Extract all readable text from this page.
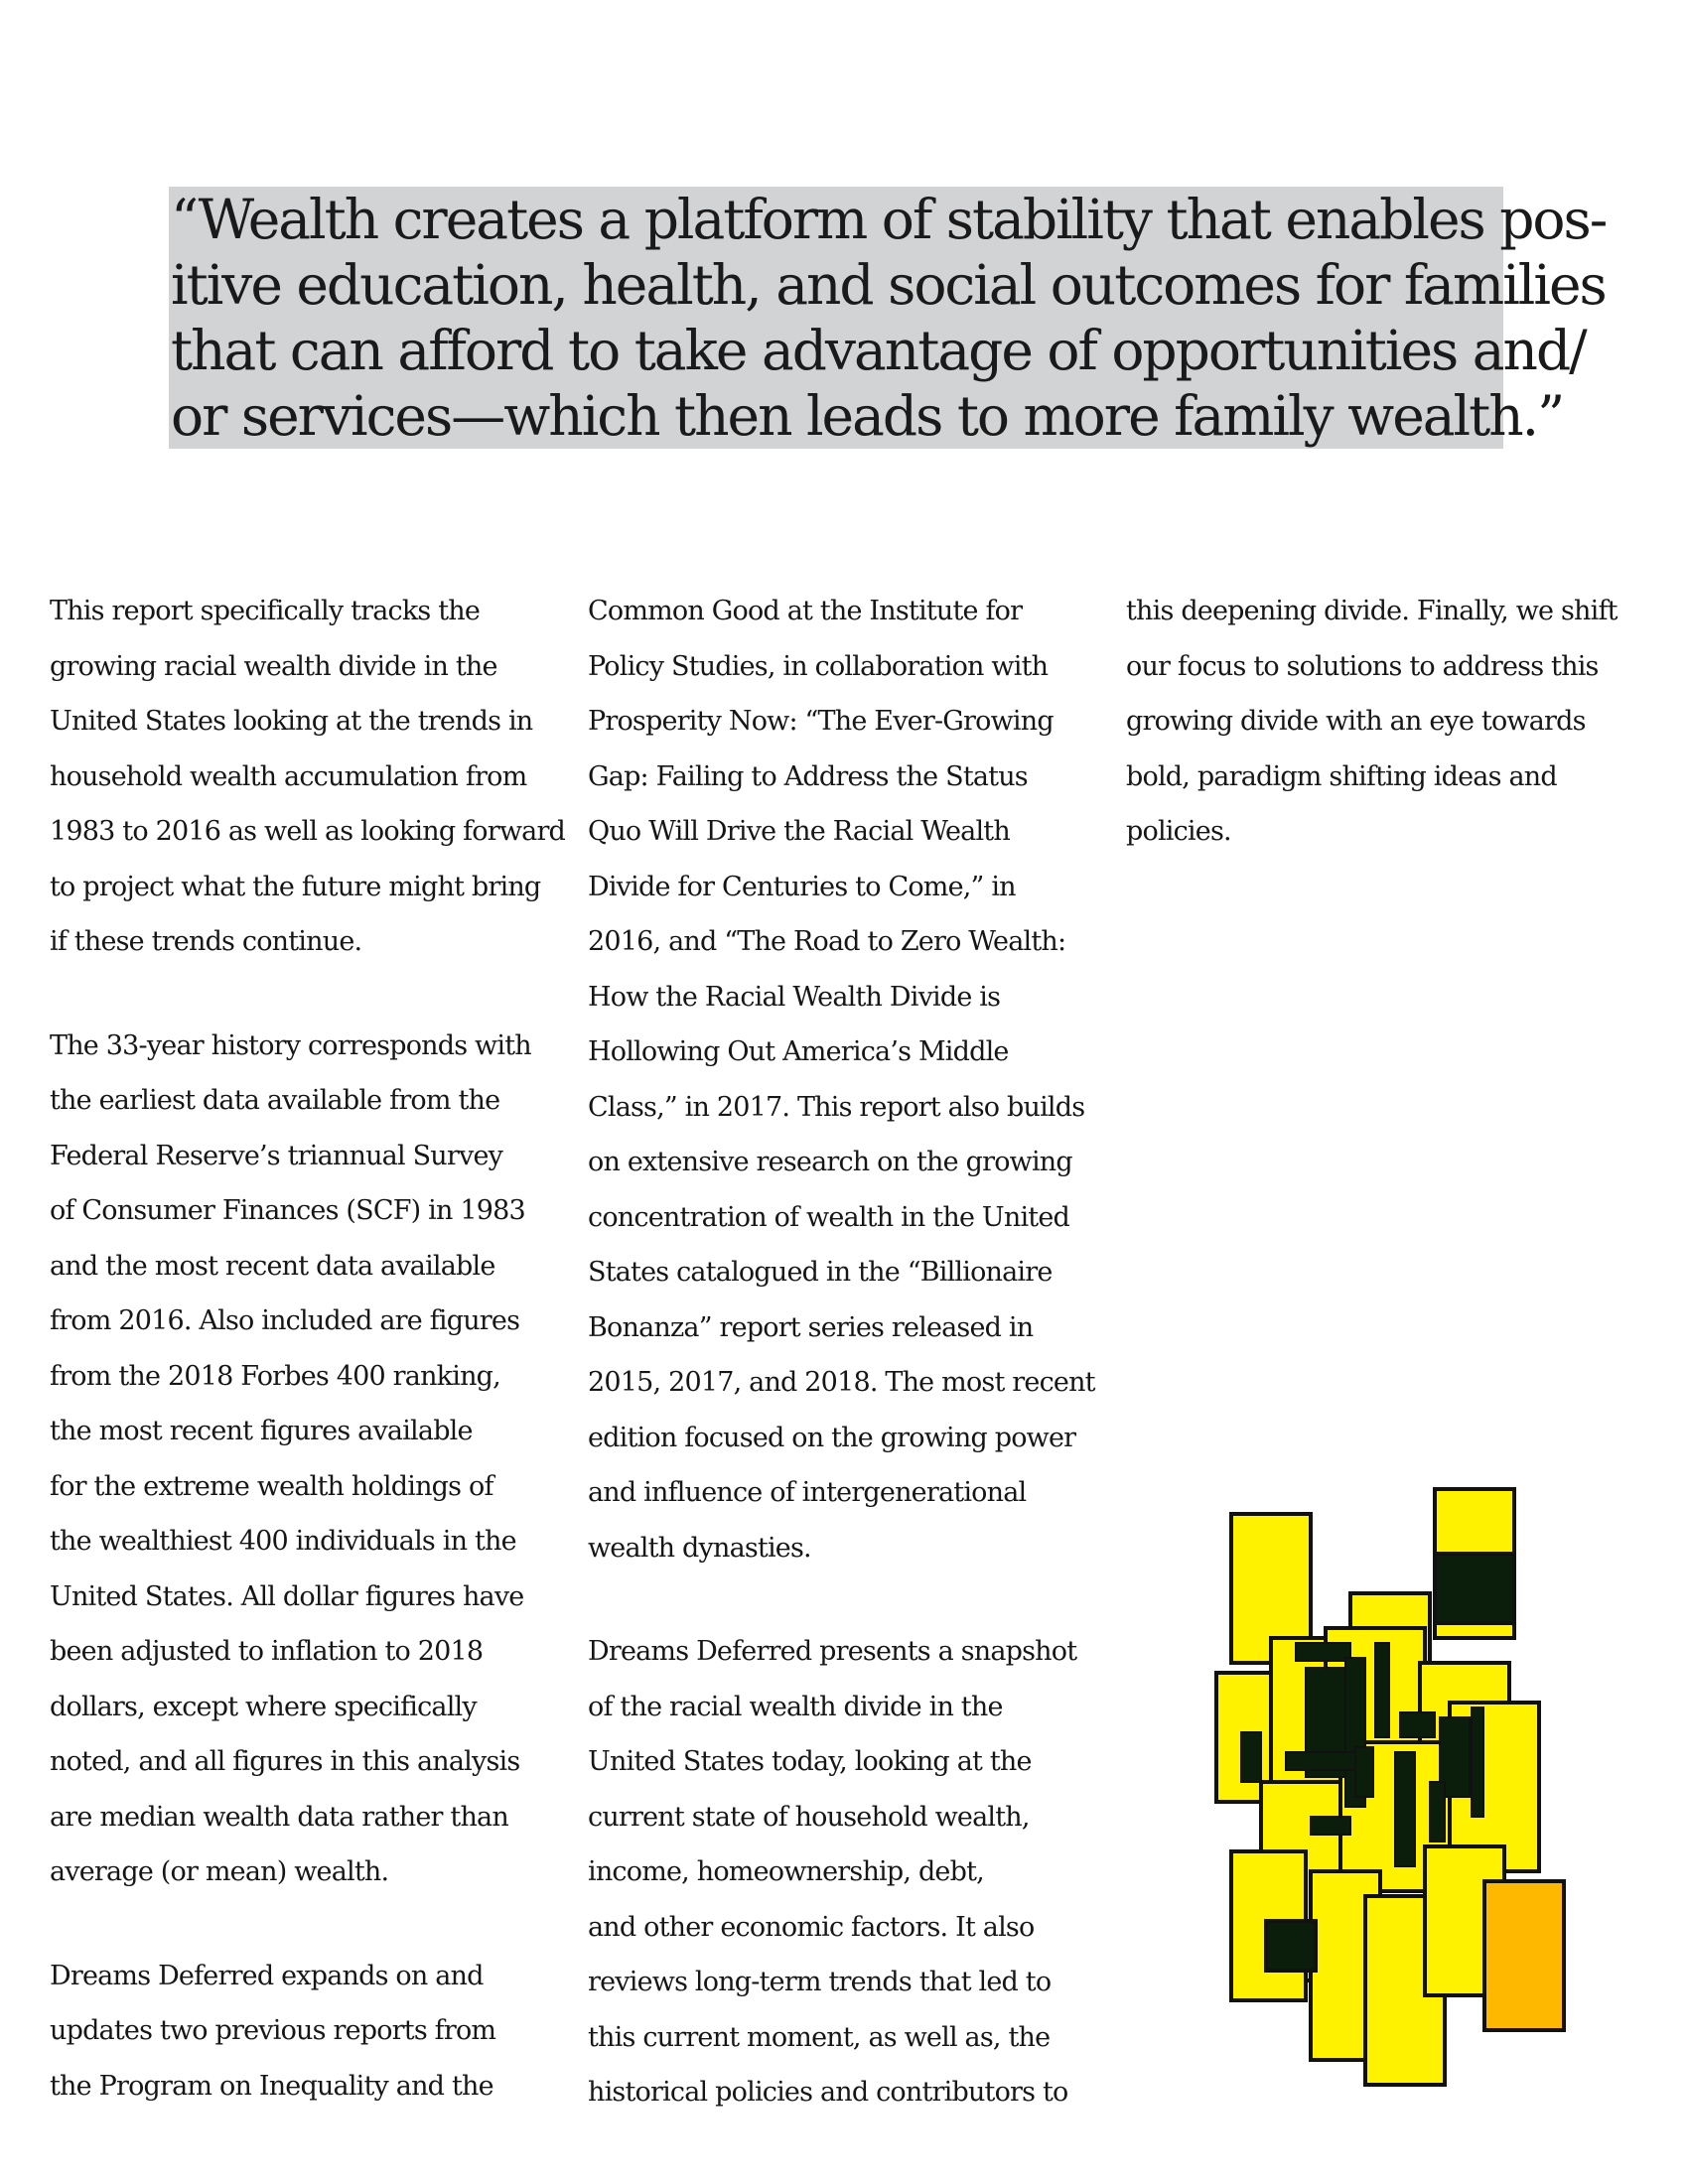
“Wealth creates a platform of stability that enables pos-
itive education, health, and social outcomes for families
that can afford to take advantage of opportunities and/
or services—which then leads to more family wealth.”

This report specifically tracks the
growing racial wealth divide in the
United States looking at the trends in
household wealth accumulation from
1983 to 2016 as well as looking forward
to project what the future might bring
if these trends continue.

The 33-year history corresponds with
the earliest data available from the
Federal Reserve’s triannual Survey
of Consumer Finances (SCF) in 1983
and the most recent data available
from 2016. Also included are figures
from the 2018 Forbes 400 ranking,
the most recent figures available
for the extreme wealth holdings of
the wealthiest 400 individuals in the
United States. All dollar figures have
been adjusted to inflation to 2018
dollars, except where specifically
noted, and all figures in this analysis
are median wealth data rather than
average (or mean) wealth.

Dreams Deferred expands on and
updates two previous reports from
the Program on Inequality and the

Common Good at the Institute for
Policy Studies, in collaboration with
Prosperity Now: “The Ever-Growing
Gap: Failing to Address the Status
Quo Will Drive the Racial Wealth
Divide for Centuries to Come,” in
2016, and “The Road to Zero Wealth:
How the Racial Wealth Divide is
Hollowing Out America’s Middle
Class,” in 2017. This report also builds
on extensive research on the growing
concentration of wealth in the United
States catalogued in the “Billionaire
Bonanza” report series released in
2015, 2017, and 2018. The most recent
edition focused on the growing power
and influence of intergenerational
wealth dynasties.

Dreams Deferred presents a snapshot
of the racial wealth divide in the
United States today, looking at the
current state of household wealth,
income, homeownership, debt,
and other economic factors. It also
reviews long-term trends that led to
this current moment, as well as, the
historical policies and contributors to

this deepening divide. Finally, we shift
our focus to solutions to address this
growing divide with an eye towards
bold, paradigm shifting ideas and
policies.
